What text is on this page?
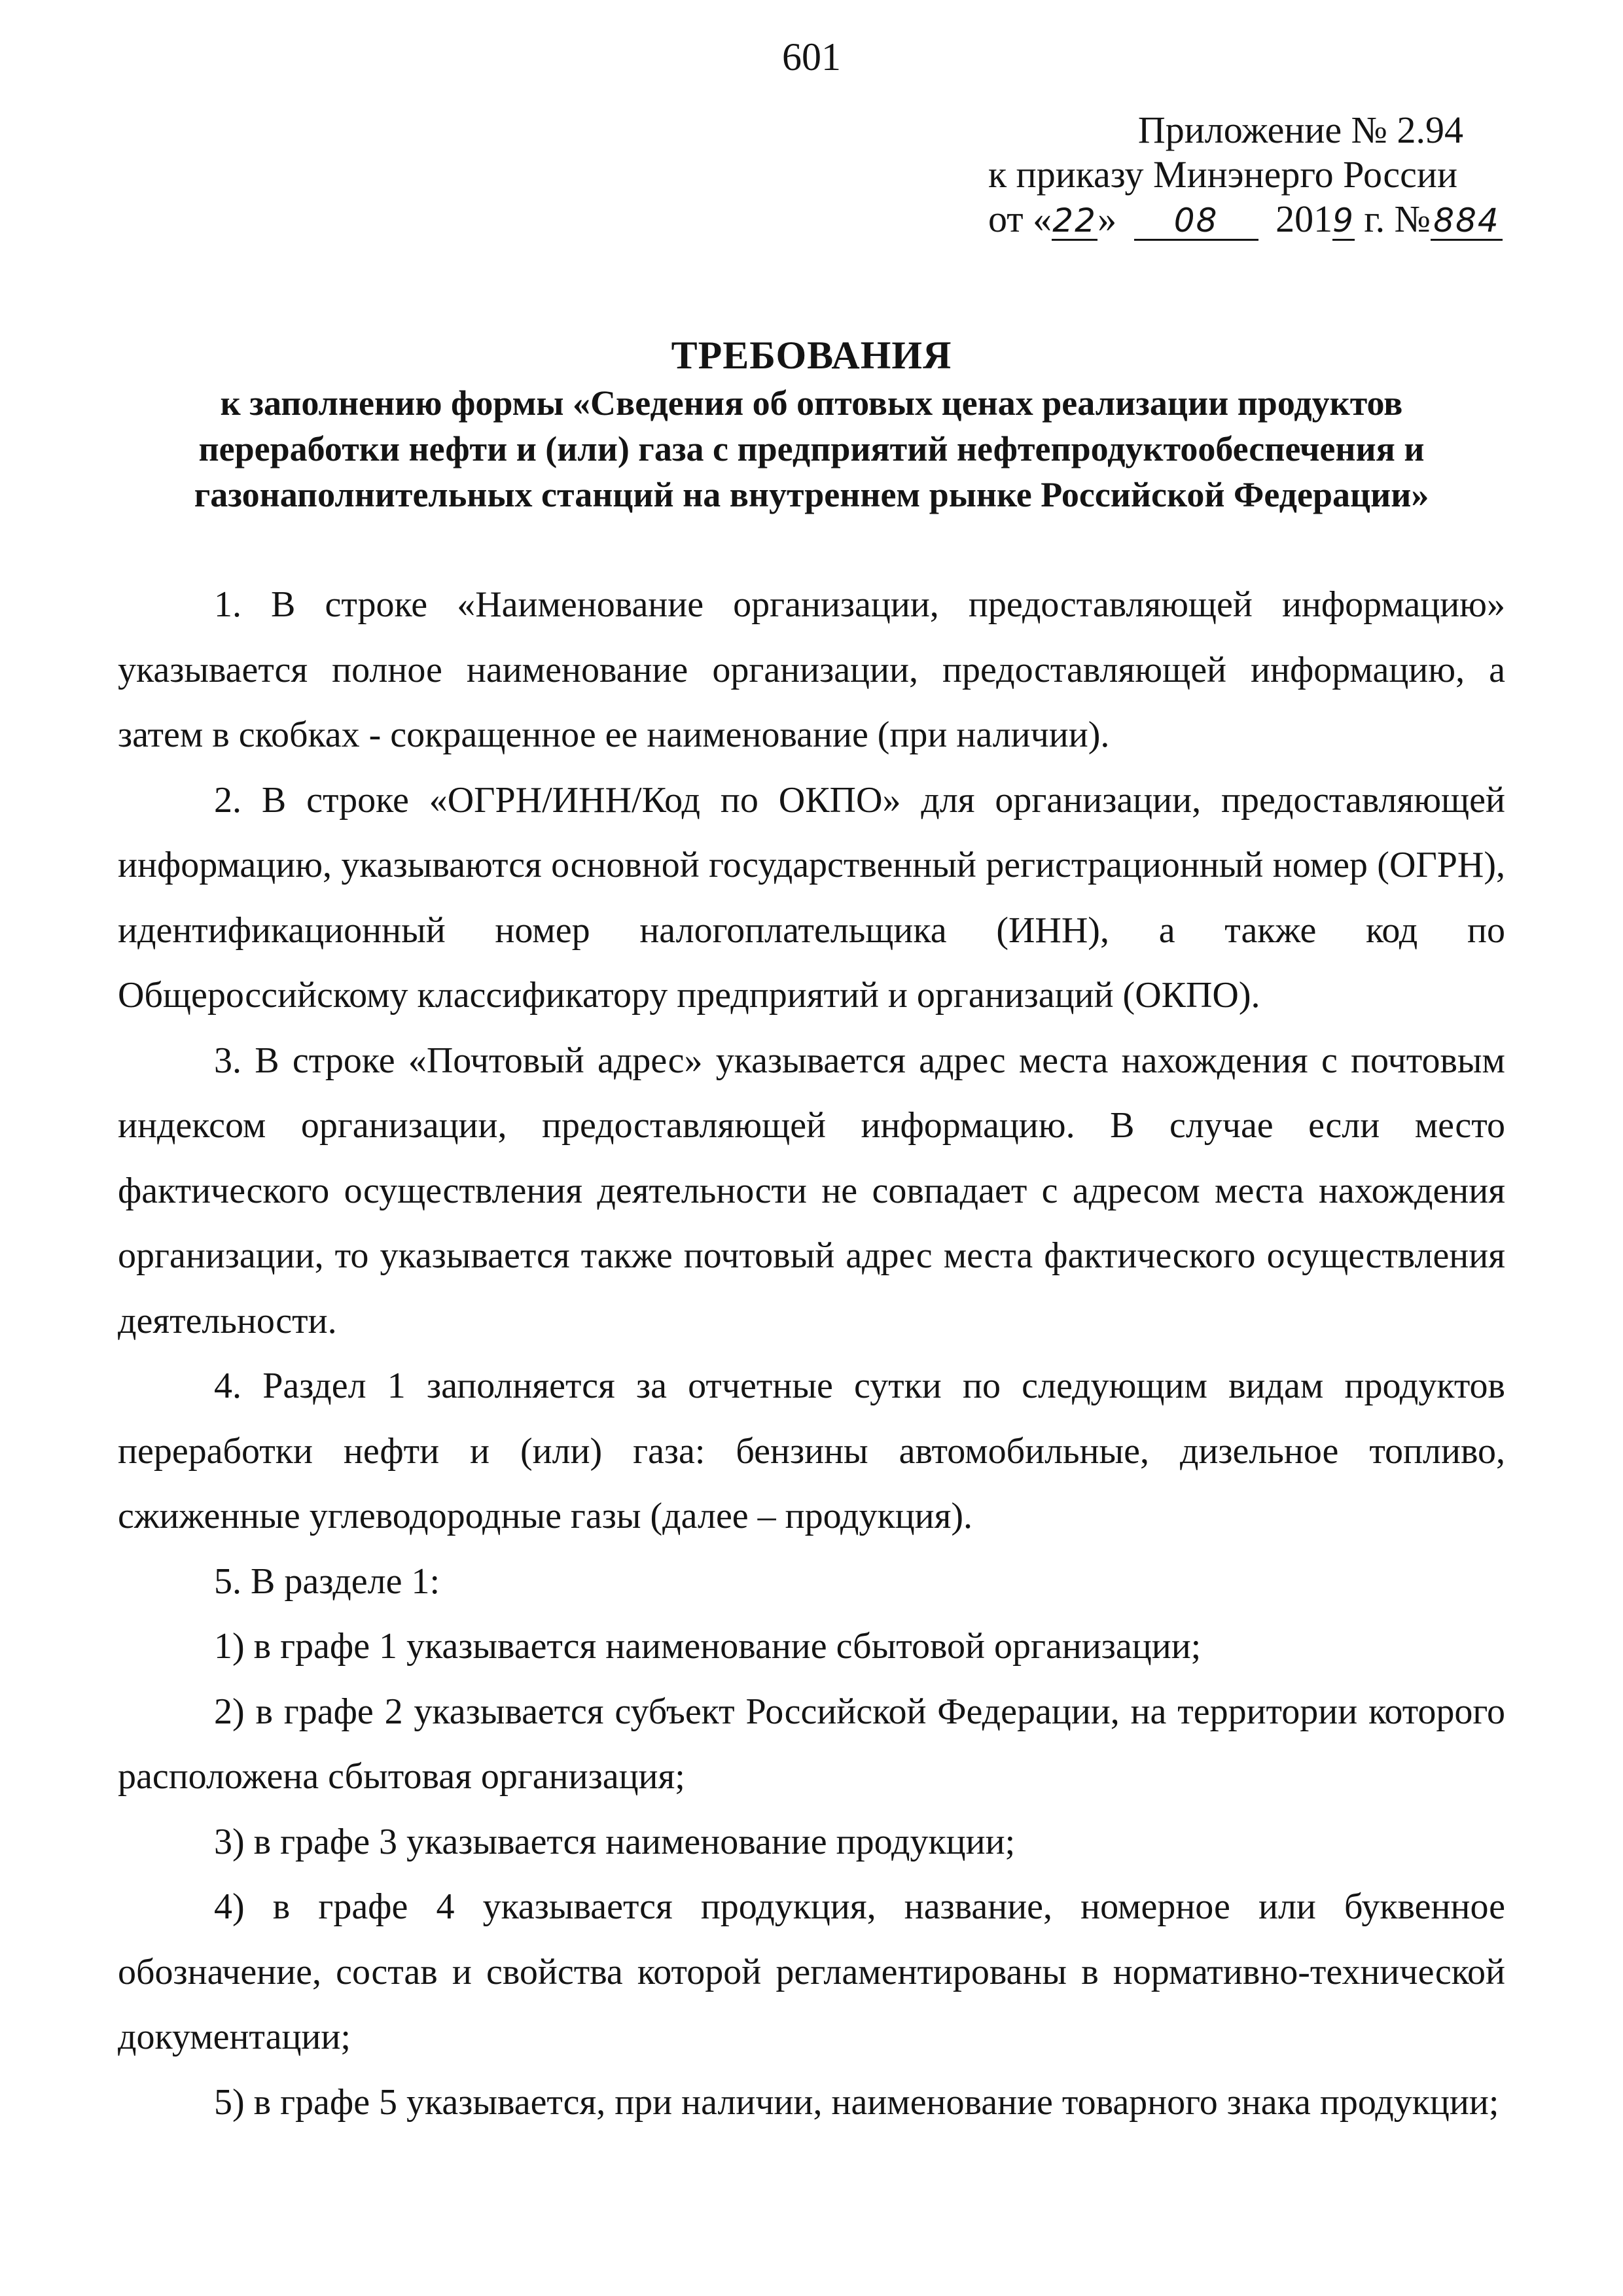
601
Приложение № 2.94
к приказу Минэнерго России
от «22» 08 2019 г. №884
ТРЕБОВАНИЯ
к заполнению формы «Сведения об оптовых ценах реализации продуктов
переработки нефти и (или) газа с предприятий нефтепродуктообеспечения и
газонаполнительных станций на внутреннем рынке Российской Федерации»

1. В строке «Наименование организации, предоставляющей информацию» указывается полное наименование организации, предоставляющей информацию, а затем в скобках - сокращенное ее наименование (при наличии).

2. В строке «ОГРН/ИНН/Код по ОКПО» для организации, предоставляющей информацию, указываются основной государственный регистрационный номер (ОГРН), идентификационный номер налогоплательщика (ИНН), а также код по Общероссийскому классификатору предприятий и организаций (ОКПО).

3. В строке «Почтовый адрес» указывается адрес места нахождения с почтовым индексом организации, предоставляющей информацию. В случае если место фактического осуществления деятельности не совпадает с адресом места нахождения организации, то указывается также почтовый адрес места фактического осуществления деятельности.

4. Раздел 1 заполняется за отчетные сутки по следующим видам продуктов переработки нефти и (или) газа: бензины автомобильные, дизельное топливо, сжиженные углеводородные газы (далее – продукция).

5. В разделе 1:

1) в графе 1 указывается наименование сбытовой организации;

2) в графе 2 указывается субъект Российской Федерации, на территории которого расположена сбытовая организация;

3) в графе 3 указывается наименование продукции;

4) в графе 4 указывается продукция, название, номерное или буквенное обозначение, состав и свойства которой регламентированы в нормативно-технической документации;

5) в графе 5 указывается, при наличии, наименование товарного знака продукции;
